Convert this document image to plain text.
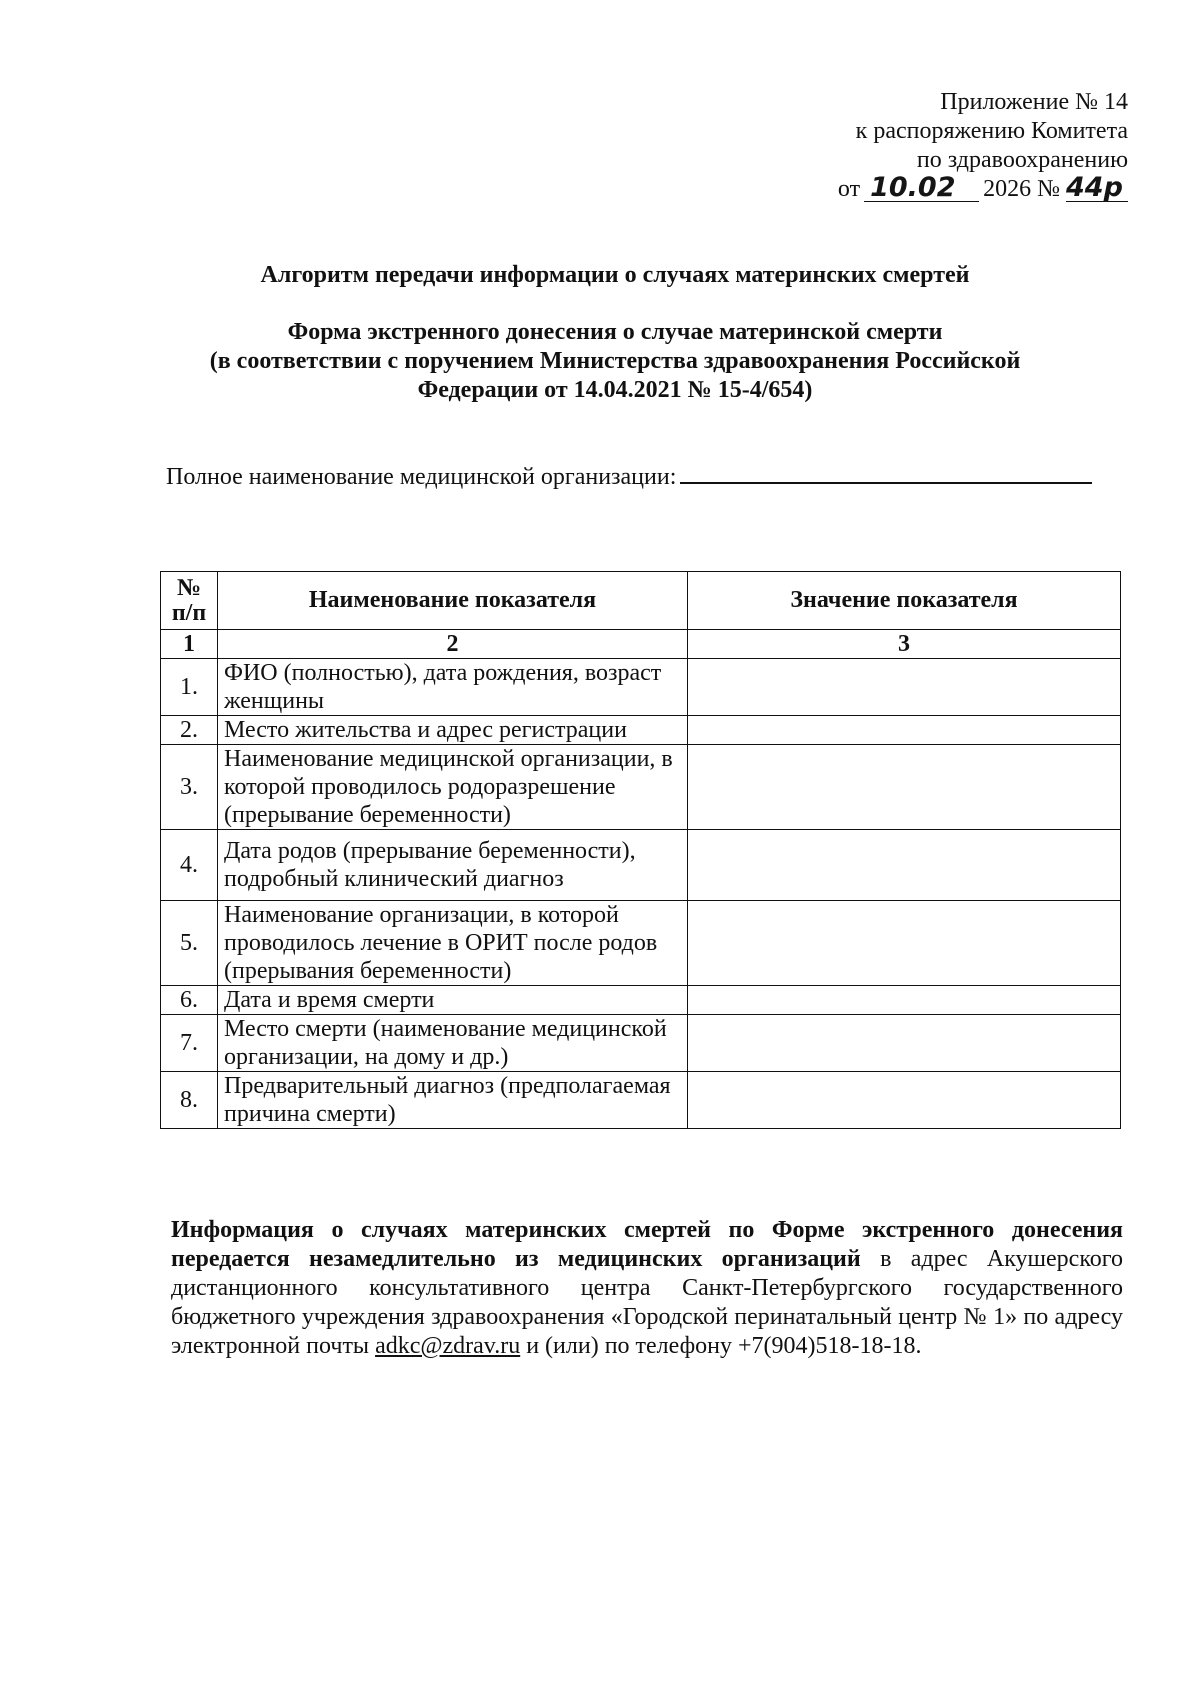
Приложение № 14
к распоряжению Комитета
по здравоохранению
от 10.02 2026 № 44р
Алгоритм передачи информации о случаях материнских смертей
Форма экстренного донесения о случае материнской смерти
(в соответствии с поручением Министерства здравоохранения Российской
Федерации от 14.04.2021 № 15-4/654)
Полное наименование медицинской организации:
№
п/п	Наименование показателя	Значение показателя
1	2	3
1.	ФИО (полностью), дата рождения, возраст женщины	
2.	Место жительства и адрес регистрации	
3.	Наименование медицинской организации, в которой проводилось родоразрешение (прерывание беременности)	
4.	Дата родов (прерывание беременности), подробный клинический диагноз	
5.	Наименование организации, в которой проводилось лечение в ОРИТ после родов (прерывания беременности)	
6.	Дата и время смерти	
7.	Место смерти (наименование медицинской организации, на дому и др.)	
8.	Предварительный диагноз (предполагаемая причина смерти)	
Информация о случаях материнских смертей по Форме экстренного донесения передается незамедлительно из медицинских организаций в адрес Акушерского дистанционного консультативного центра Санкт-Петербургского государственного бюджетного учреждения здравоохранения «Городской перинатальный центр № 1» по адресу электронной почты adkc@zdrav.ru и (или) по телефону +7(904)518-18-18.
